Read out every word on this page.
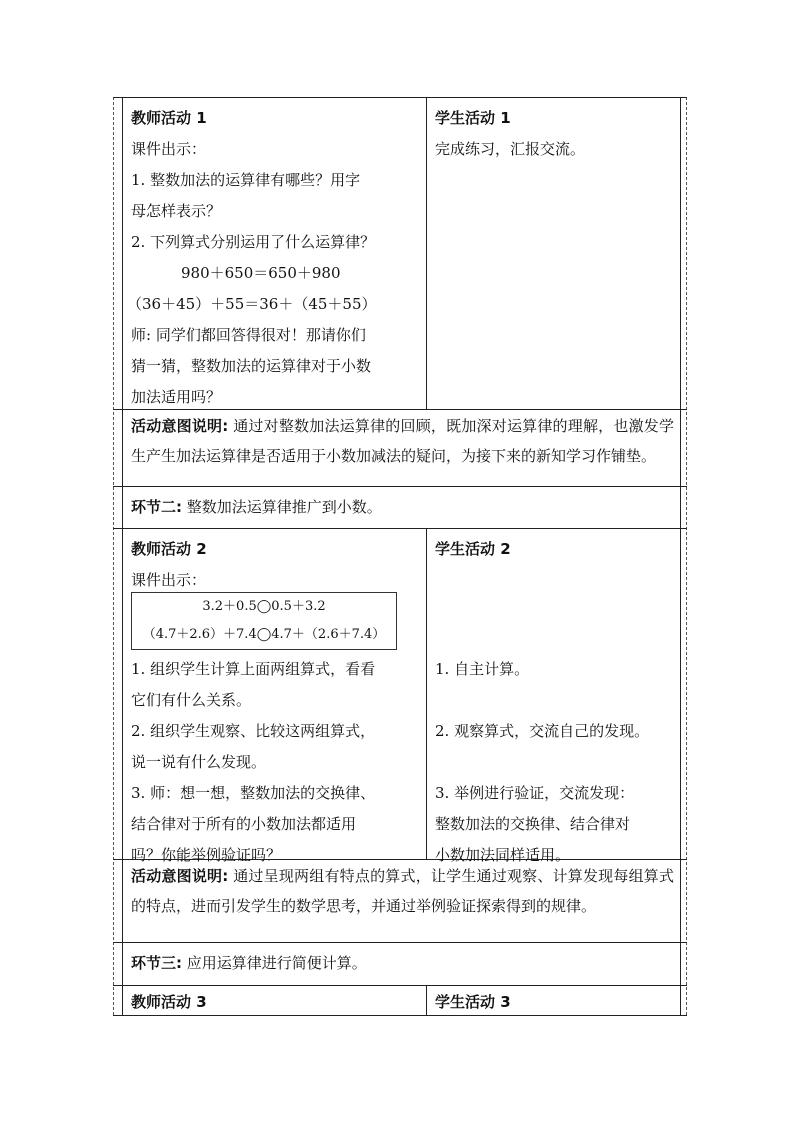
教师活动 1
课件出示：
1. 整数加法的运算律有哪些？用字
母怎样表示？
2. 下列算式分别运用了什么运算律？
980＋650＝650＋980
（36＋45）＋55＝36＋（45＋55）
师: 同学们都回答得很对！那请你们
猜一猜，整数加法的运算律对于小数
加法适用吗？
学生活动 1
完成练习，汇报交流。
活动意图说明: 通过对整数加法运算律的回顾，既加深对运算律的理解，也激发学生产生加法运算律是否适用于小数加减法的疑问，为接下来的新知学习作铺垫。
环节二: 整数加法运算律推广到小数。
教师活动 2
课件出示：
3.2＋0.5◯0.5＋3.2
（4.7＋2.6）＋7.4◯4.7＋（2.6＋7.4）
1. 组织学生计算上面两组算式，看看
它们有什么关系。
2. 组织学生观察、比较这两组算式，
说一说有什么发现。
3. 师：想一想，整数加法的交换律、
结合律对于所有的小数加法都适用
吗？你能举例验证吗？
学生活动 2
1. 自主计算。
2. 观察算式，交流自己的发现。
3. 举例进行验证，交流发现：
整数加法的交换律、结合律对
小数加法同样适用。
活动意图说明: 通过呈现两组有特点的算式，让学生通过观察、计算发现每组算式的特点，进而引发学生的数学思考，并通过举例验证探索得到的规律。
环节三: 应用运算律进行简便计算。
教师活动 3	学生活动 3
